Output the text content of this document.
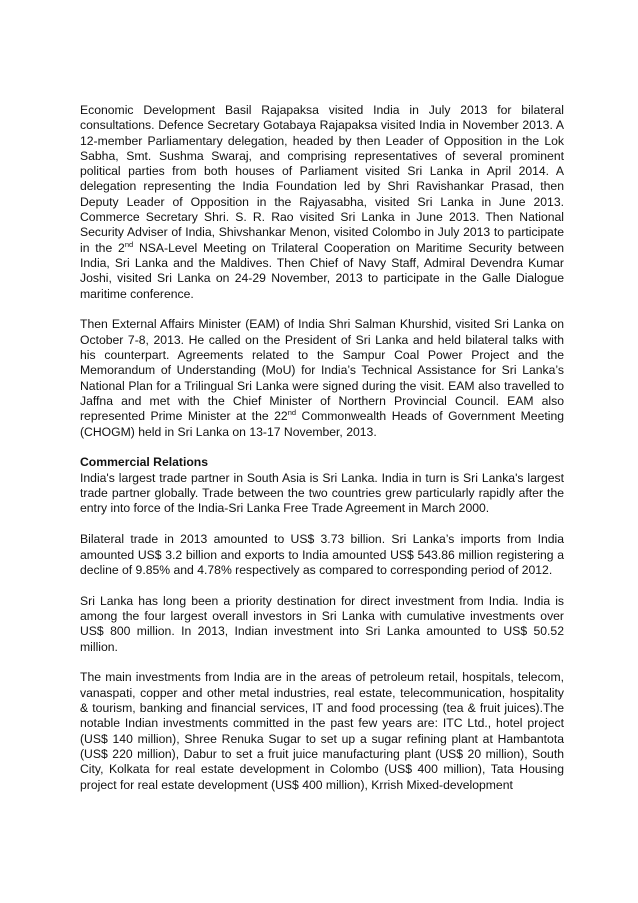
Economic Development Basil Rajapaksa visited India in July 2013 for bilateral consultations. Defence Secretary Gotabaya Rajapaksa visited India in November 2013. A 12-member Parliamentary delegation, headed by then Leader of Opposition in the Lok Sabha, Smt. Sushma Swaraj, and comprising representatives of several prominent political parties from both houses of Parliament visited Sri Lanka in April 2014. A delegation representing the India Foundation led by Shri Ravishankar Prasad, then Deputy Leader of Opposition in the Rajyasabha, visited Sri Lanka in June 2013. Commerce Secretary Shri. S. R. Rao visited Sri Lanka in June 2013. Then National Security Adviser of India, Shivshankar Menon, visited Colombo in July 2013 to participate in the 2nd NSA-Level Meeting on Trilateral Cooperation on Maritime Security between India, Sri Lanka and the Maldives. Then Chief of Navy Staff, Admiral Devendra Kumar Joshi, visited Sri Lanka on 24-29 November, 2013 to participate in the Galle Dialogue maritime conference.

Then External Affairs Minister (EAM) of India Shri Salman Khurshid, visited Sri Lanka on October 7-8, 2013. He called on the President of Sri Lanka and held bilateral talks with his counterpart. Agreements related to the Sampur Coal Power Project and the Memorandum of Understanding (MoU) for India’s Technical Assistance for Sri Lanka’s National Plan for a Trilingual Sri Lanka were signed during the visit. EAM also travelled to Jaffna and met with the Chief Minister of Northern Provincial Council. EAM also represented Prime Minister at the 22nd Commonwealth Heads of Government Meeting (CHOGM) held in Sri Lanka on 13-17 November, 2013.

Commercial Relations

India's largest trade partner in South Asia is Sri Lanka. India in turn is Sri Lanka's largest trade partner globally. Trade between the two countries grew particularly rapidly after the entry into force of the India-Sri Lanka Free Trade Agreement in March 2000.

Bilateral trade in 2013 amounted to US$ 3.73 billion. Sri Lanka’s imports from India amounted US$ 3.2 billion and exports to India amounted US$ 543.86 million registering a decline of 9.85% and 4.78% respectively as compared to corresponding period of 2012.

Sri Lanka has long been a priority destination for direct investment from India. India is among the four largest overall investors in Sri Lanka with cumulative investments over US$ 800 million. In 2013, Indian investment into Sri Lanka amounted to US$ 50.52 million.

The main investments from India are in the areas of petroleum retail, hospitals, telecom, vanaspati, copper and other metal industries, real estate, telecommunication, hospitality & tourism, banking and financial services, IT and food processing (tea & fruit juices).The notable Indian investments committed in the past few years are: ITC Ltd., hotel project (US$ 140 million), Shree Renuka Sugar to set up a sugar refining plant at Hambantota (US$ 220 million), Dabur to set a fruit juice manufacturing plant (US$ 20 million), South City, Kolkata for real estate development in Colombo (US$ 400 million), Tata Housing project for real estate development (US$ 400 million), Krrish Mixed-development
